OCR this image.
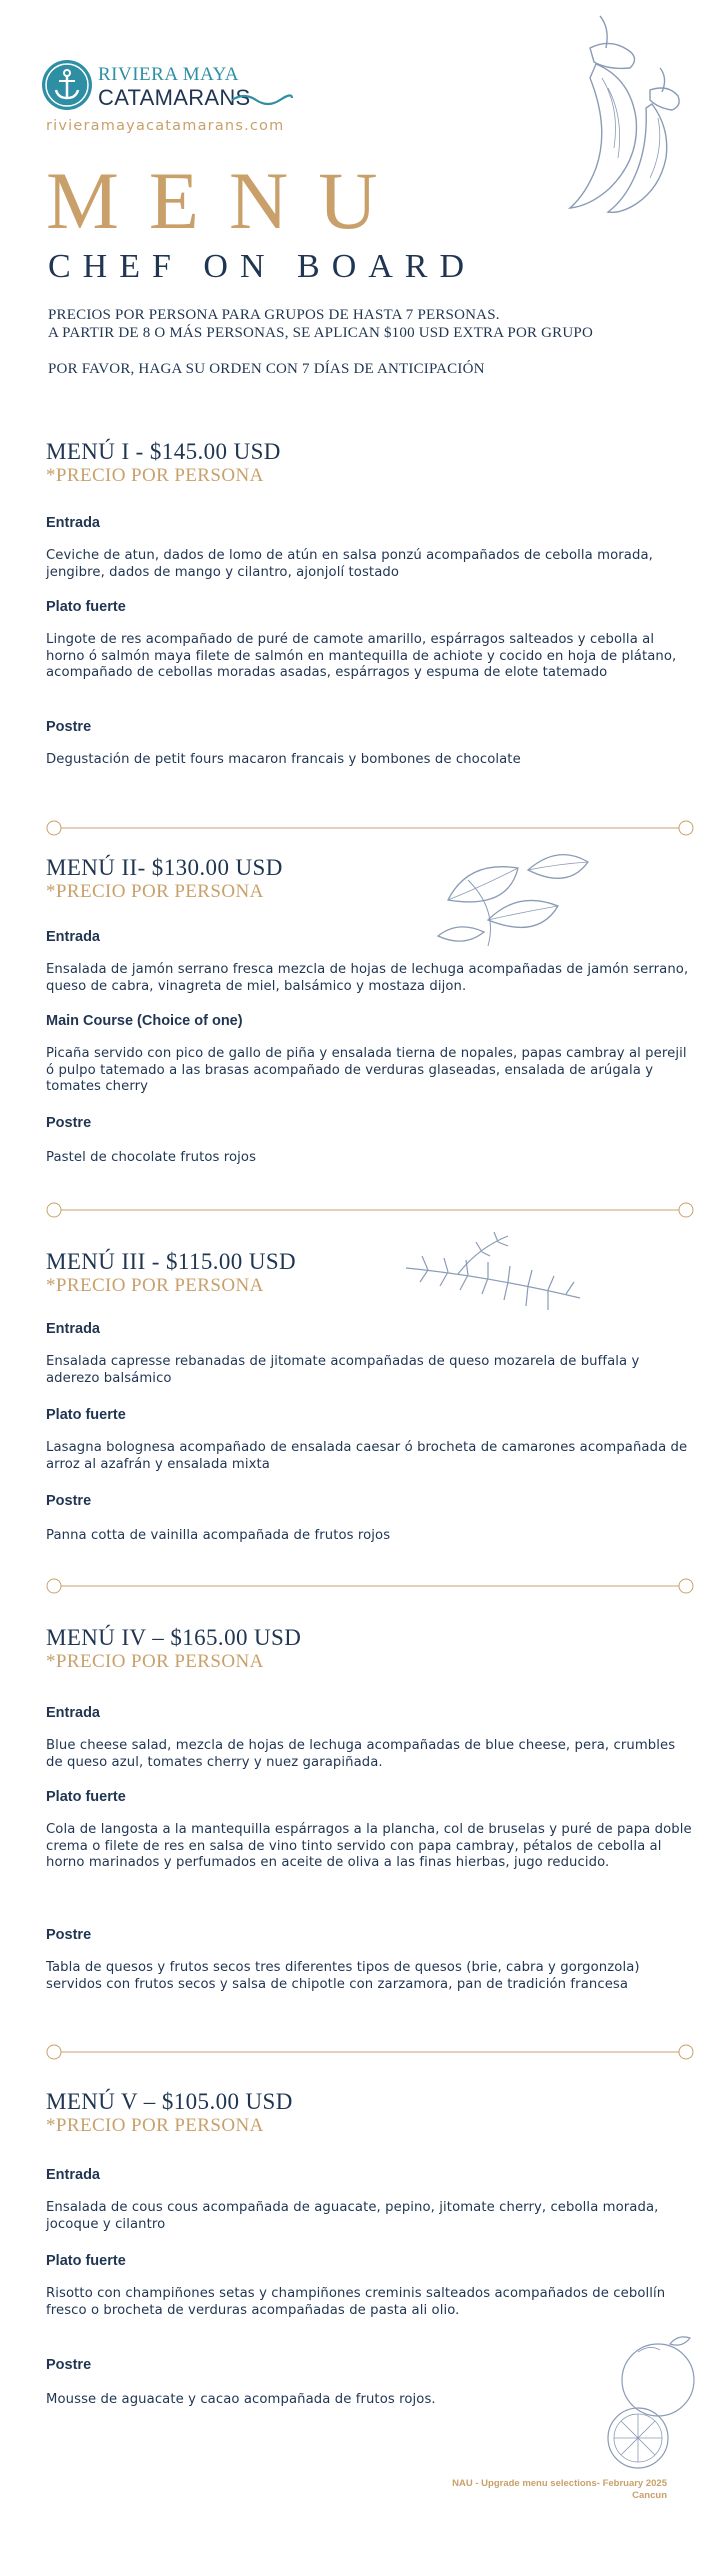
RIVIERA MAYA
CATAMARANS
rivieramayacatamarans.com
MENU
CHEF ON BOARD
PRECIOS POR PERSONA PARA GRUPOS DE HASTA 7 PERSONAS.
A PARTIR DE 8 O MÁS PERSONAS, SE APLICAN $100 USD EXTRA POR GRUPO
POR FAVOR, HAGA SU ORDEN CON 7 DÍAS DE ANTICIPACIÓN
MENÚ I - $145.00 USD
*PRECIO POR PERSONA
Entrada
Ceviche de atun, dados de lomo de atún en salsa ponzú acompañados de cebolla morada, jengibre, dados de mango y cilantro, ajonjolí tostado
Plato fuerte
Lingote de res acompañado de puré de camote amarillo, espárragos salteados y cebolla al horno ó salmón maya filete de salmón en mantequilla de achiote y cocido en hoja de plátano, acompañado de cebollas moradas asadas, espárragos y espuma de elote tatemado
Postre
Degustación de petit fours macaron francais y bombones de chocolate
MENÚ II- $130.00 USD
*PRECIO POR PERSONA
Entrada
Ensalada de jamón serrano fresca mezcla de hojas de lechuga acompañadas de jamón serrano, queso de cabra, vinagreta de miel, balsámico y mostaza dijon.
Main Course (Choice of one)
Picaña servido con pico de gallo de piña y ensalada tierna de nopales, papas cambray al perejil ó pulpo tatemado a las brasas acompañado de verduras glaseadas, ensalada de arúgala y tomates cherry
Postre
Pastel de chocolate frutos rojos
MENÚ III - $115.00 USD
*PRECIO POR PERSONA
Entrada
Ensalada capresse rebanadas de jitomate acompañadas de queso mozarela de buffala y aderezo balsámico
Plato fuerte
Lasagna bolognesa acompañado de ensalada caesar ó brocheta de camarones acompañada de arroz al azafrán y ensalada mixta
Postre
Panna cotta de vainilla acompañada de frutos rojos
MENÚ IV – $165.00 USD
*PRECIO POR PERSONA
Entrada
Blue cheese salad, mezcla de hojas de lechuga acompañadas de blue cheese, pera, crumbles de queso azul, tomates cherry y nuez garapiñada.
Plato fuerte
Cola de langosta a la mantequilla espárragos a la plancha, col de bruselas y puré de papa doble crema o filete de res en salsa de vino tinto servido con papa cambray, pétalos de cebolla al horno marinados y perfumados en aceite de oliva a las finas hierbas, jugo reducido.
Postre
Tabla de quesos y frutos secos tres diferentes tipos de quesos (brie, cabra y gorgonzola) servidos con frutos secos y salsa de chipotle con zarzamora, pan de tradición francesa
MENÚ V – $105.00 USD
*PRECIO POR PERSONA
Entrada
Ensalada de cous cous acompañada de aguacate, pepino, jitomate cherry, cebolla morada, jocoque y cilantro
Plato fuerte
Risotto con champiñones setas y champiñones creminis salteados acompañados de cebollín fresco o brocheta de verduras acompañadas de pasta ali olio.
Postre
Mousse de aguacate y cacao acompañada de frutos rojos.
NAU - Upgrade menu selections- February 2025
Cancun
